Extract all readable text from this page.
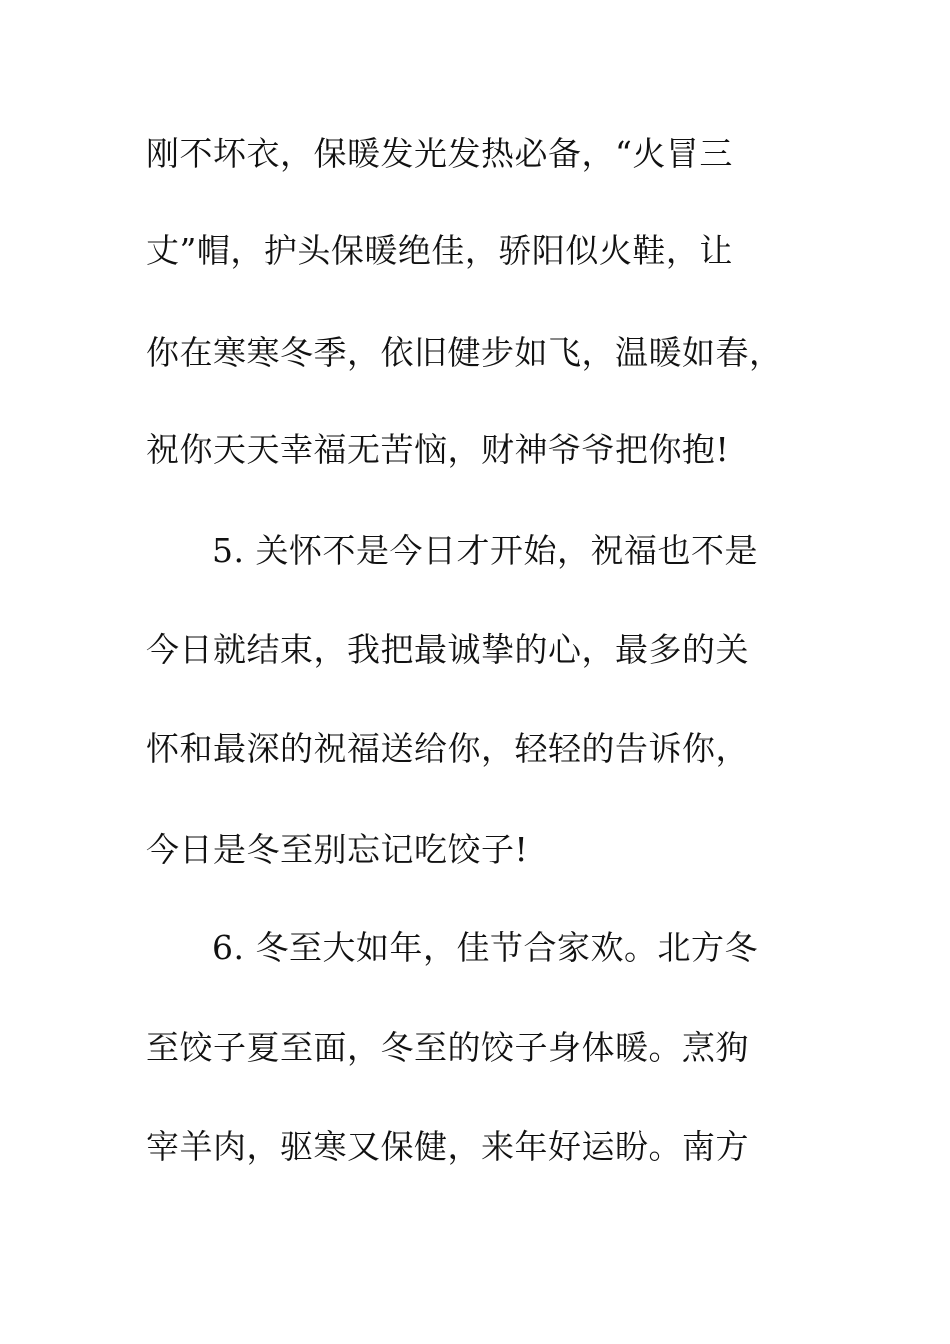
刚不坏衣，保暖发光发热必备，“火冒三
丈”帽，护头保暖绝佳，骄阳似火鞋，让
你在寒寒冬季，依旧健步如飞，温暖如春，
祝你天天幸福无苦恼，财神爷爷把你抱!
5. 关怀不是今日才开始，祝福也不是
今日就结束，我把最诚挚的心，最多的关
怀和最深的祝福送给你，轻轻的告诉你，
今日是冬至别忘记吃饺子!
6. 冬至大如年，佳节合家欢。北方冬
至饺子夏至面，冬至的饺子身体暖。烹狗
宰羊肉，驱寒又保健，来年好运盼。南方
